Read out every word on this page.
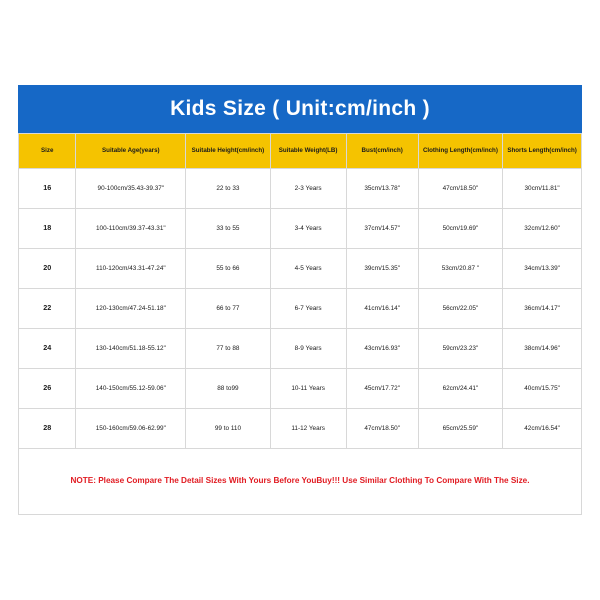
Kids Size ( Unit:cm/inch )
Size	Suitable Age(years)	Suitable Height(cm/inch)	Suitable Weight(LB)	Bust(cm/inch)	Clothing Length(cm/inch)	Shorts Length(cm/inch)
16	90-100cm/35.43-39.37"	22 to 33	2-3 Years	35cm/13.78"	47cm/18.50"	30cm/11.81"
18	100-110cm/39.37-43.31"	33 to 55	3-4 Years	37cm/14.57"	50cm/19.69"	32cm/12.60"
20	110-120cm/43.31-47.24"	55 to 66	4-5 Years	39cm/15.35"	53cm/20.87 "	34cm/13.39"
22	120-130cm/47.24-51.18"	66 to 77	6-7 Years	41cm/16.14"	56cm/22.05"	36cm/14.17"
24	130-140cm/51.18-55.12"	77 to 88	8-9 Years	43cm/16.93"	59cm/23.23"	38cm/14.96"
26	140-150cm/55.12-59.06"	88 to99	10-11 Years	45cm/17.72"	62cm/24.41"	40cm/15.75"
28	150-160cm/59.06-62.99"	99 to 110	11-12 Years	47cm/18.50"	65cm/25.59"	42cm/16.54"
NOTE: Please Compare The Detail Sizes With Yours Before YouBuy!!! Use Similar Clothing To Compare With The Size.
